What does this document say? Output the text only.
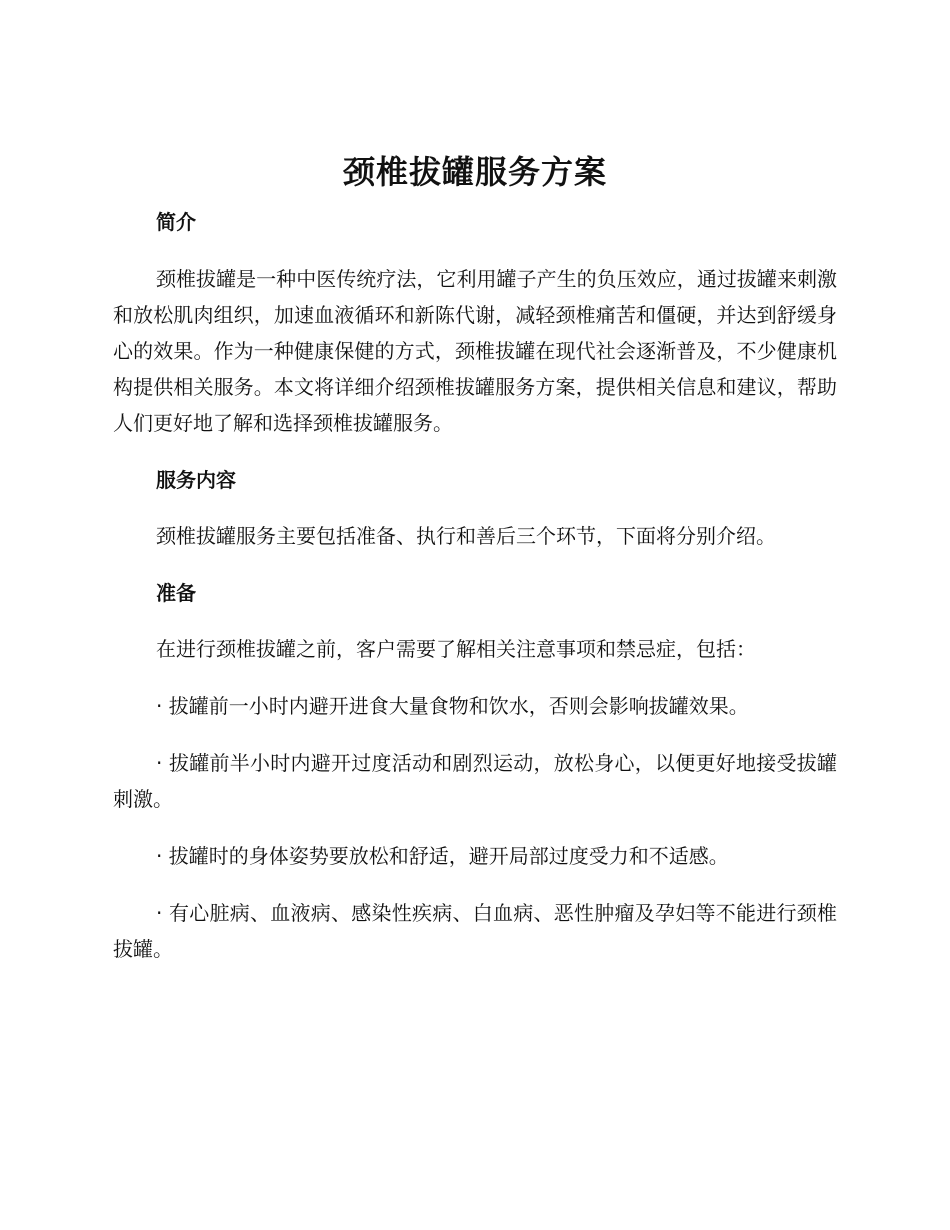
颈椎拔罐服务方案
简介

颈椎拔罐是一种中医传统疗法，它利用罐子产生的负压效应，通过拔罐来刺激和放松肌肉组织，加速血液循环和新陈代谢，减轻颈椎痛苦和僵硬，并达到舒缓身心的效果。作为一种健康保健的方式，颈椎拔罐在现代社会逐渐普及，不少健康机构提供相关服务。本文将详细介绍颈椎拔罐服务方案，提供相关信息和建议，帮助人们更好地了解和选择颈椎拔罐服务。

服务内容

颈椎拔罐服务主要包括准备、执行和善后三个环节，下面将分别介绍。

准备

在进行颈椎拔罐之前，客户需要了解相关注意事项和禁忌症，包括：

· 拔罐前一小时内避开进食大量食物和饮水，否则会影响拔罐效果。

· 拔罐前半小时内避开过度活动和剧烈运动，放松身心，以便更好地接受拔罐刺激。

· 拔罐时的身体姿势要放松和舒适，避开局部过度受力和不适感。

· 有心脏病、血液病、感染性疾病、白血病、恶性肿瘤及孕妇等不能进行颈椎拔罐。
